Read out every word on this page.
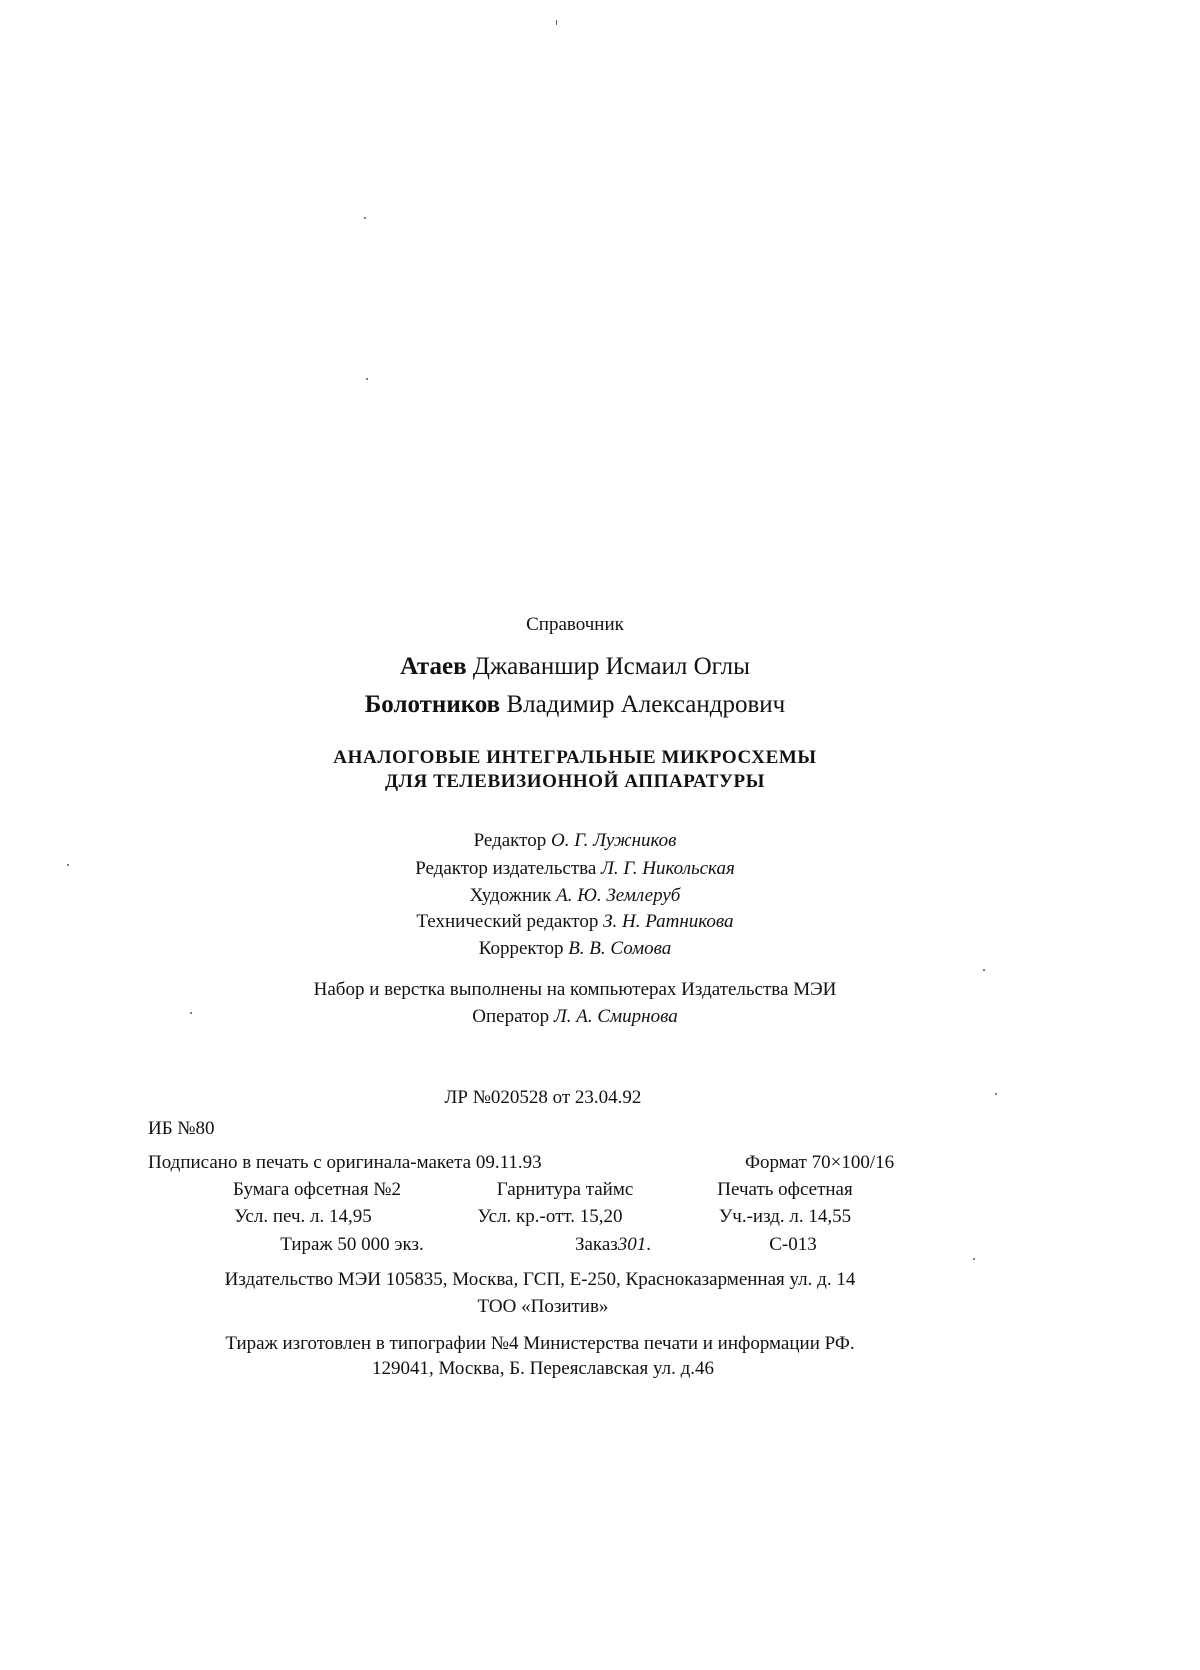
Справочник
Атаев Джаваншир Исмаил Оглы
Болотников Владимир Александрович
АНАЛОГОВЫЕ ИНТЕГРАЛЬНЫЕ МИКРОСХЕМЫ
ДЛЯ ТЕЛЕВИЗИОННОЙ АППАРАТУРЫ
Редактор О. Г. Лужников
Редактор издательства Л. Г. Никольская
Художник А. Ю. Землеруб
Технический редактор З. Н. Ратникова
Корректор В. В. Сомова
Набор и верстка выполнены на компьютерах Издательства МЭИ
Оператор Л. А. Смирнова
ЛР №020528 от 23.04.92
ИБ №80
Подписано в печать с оригинала-макета 09.11.93	Формат 70×100/16
Бумага офсетная №2	Гарнитура таймс	Печать офсетная
Усл. печ. л. 14,95	Усл. кр.-отт. 15,20	Уч.-изд. л. 14,55
Тираж 50 000 экз.	Заказ301.	С-013
Издательство МЭИ 105835, Москва, ГСП, Е-250, Красноказарменная ул. д. 14
ТОО «Позитив»
Тираж изготовлен в типографии №4 Министерства печати и информации РФ.
129041, Москва, Б. Переяславская ул. д.46
